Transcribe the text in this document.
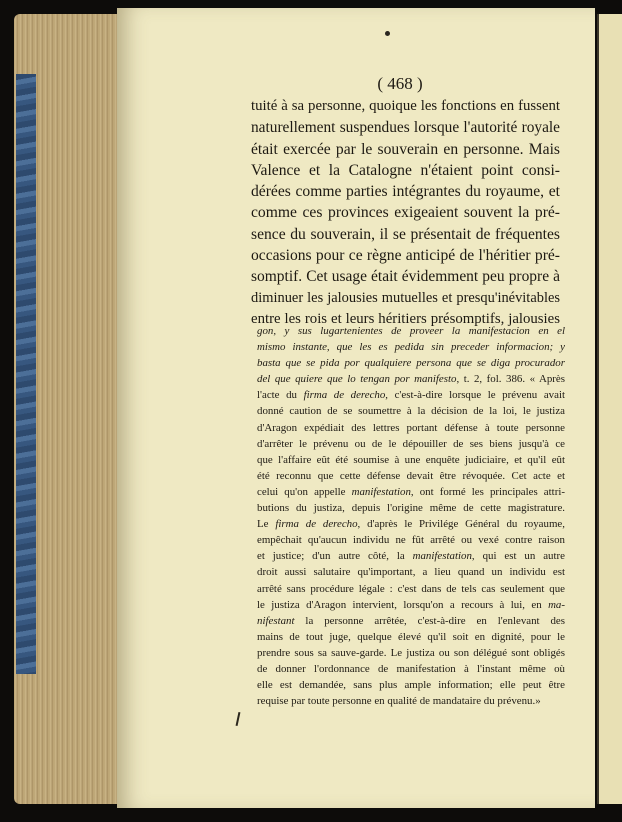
( 468 )
tuité à sa personne, quoique les fonctions en fussent
naturellement suspendues lorsque l'autorité royale
était exercée par le souverain en personne. Mais
Valence et la Catalogne n'étaient point consi-
dérées comme parties intégrantes du royaume, et
comme ces provinces exigeaient souvent la pré-
sence du souverain, il se présentait de fréquentes
occasions pour ce règne anticipé de l'héritier pré-
somptif. Cet usage était évidemment peu propre à
diminuer les jalousies mutuelles et presqu'inévitables
entre les rois et leurs héritiers présomptifs, jalousies
gon, y sus lugartenientes de proveer la manifestacion en el
mismo instante, que les es pedida sin preceder informacion; y
basta que se pida por qualquiere persona que se diga procurador
del que quiere que lo tengan por manifesto, t. 2, fol. 386. « Après
l'acte du firma de derecho, c'est-à-dire lorsque le prévenu avait
donné caution de se soumettre à la décision de la loi, le justiza
d'Aragon expédiait des lettres portant défense à toute personne
d'arrêter le prévenu ou de le dépouiller de ses biens jusqu'à ce
que l'affaire eût été soumise à une enquête judiciaire, et qu'il eût
été reconnu que cette défense devait être révoquée. Cet acte et
celui qu'on appelle manifestation, ont formé les principales attri-
butions du justiza, depuis l'origine même de cette magistrature.
Le firma de derecho, d'après le Privilége Général du royaume,
empêchait qu'aucun individu ne fût arrêté ou vexé contre raison
et justice; d'un autre côté, la manifestation, qui est un autre
droit aussi salutaire qu'important, a lieu quand un individu est
arrêté sans procédure légale : c'est dans de tels cas seulement que
le justiza d'Aragon intervient, lorsqu'on a recours à lui, en ma-
nifestant la personne arrêtée, c'est-à-dire en l'enlevant des
mains de tout juge, quelque élevé qu'il soit en dignité, pour le
prendre sous sa sauve-garde. Le justiza ou son délégué sont obligés
de donner l'ordonnance de manifestation à l'instant même où
elle est demandée, sans plus ample information; elle peut être
requise par toute personne en qualité de mandataire du prévenu.»
